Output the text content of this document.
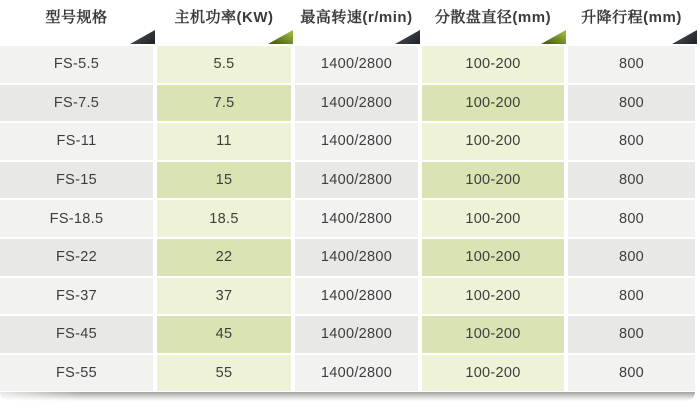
型号规格	主机功率(KW) 最高转速(r/min) 分散盘直径(mm) 升降行程(mm)
FS-5.5	5.5	1400/2800	100-200	800
FS-7.5	7.5	1400/2800	100-200	800
FS-11	11	1400/2800	100-200	800
FS-15	15	1400/2800	100-200	800
FS-18.5	18.5	1400/2800	100-200	800
FS-22	22	1400/2800	100-200	800
FS-37	37	1400/2800	100-200	800
FS-45	45	1400/2800	100-200	800
FS-55	55	1400/2800	100-200	800
